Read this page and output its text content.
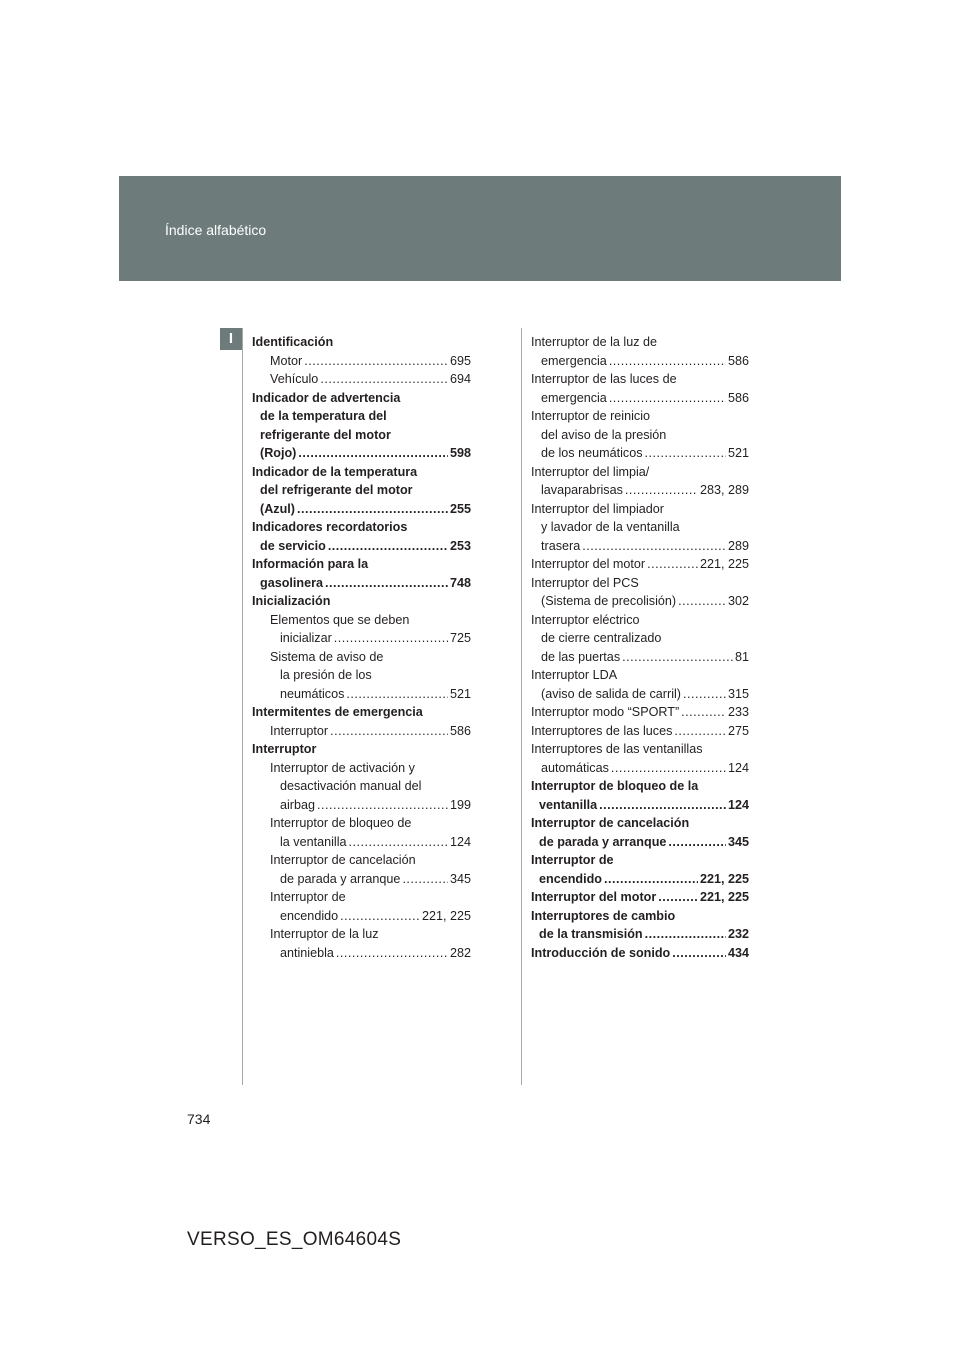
Índice alfabético
I	Identificación
Motor .....	695
Vehículo .....	694
Indicador de advertencia
de la temperatura del
refrigerante del motor
(Rojo) .....	598
Indicador de la temperatura
del refrigerante del motor
(Azul) .....	255
Indicadores recordatorios
de servicio .....	253
Información para la
gasolinera .....	748
Inicialización
Elementos que se deben
inicializar .....	725
Sistema de aviso de
la presión de los
neumáticos .....	521
Intermitentes de emergencia
Interruptor .....	586
Interruptor
Interruptor de activación y
desactivación manual del
airbag .....	199
Interruptor de bloqueo de
la ventanilla .....	124
Interruptor de cancelación
de parada y arranque .....	345
Interruptor de
encendido .....	221, 225
Interruptor de la luz
antiniebla .....	282
Interruptor de la luz de
emergencia .....	586
Interruptor de las luces de
emergencia .....	586
Interruptor de reinicio
del aviso de la presión
de los neumáticos .....	521
Interruptor del limpia/
lavaparabrisas .....	283, 289
Interruptor del limpiador
y lavador de la ventanilla
trasera .....	289
Interruptor del motor .....	221, 225
Interruptor del PCS
(Sistema de precolisión) .....	302
Interruptor eléctrico
de cierre centralizado
de las puertas .....	81
Interruptor LDA
(aviso de salida de carril) .....	315
Interruptor modo “SPORT” .....	233
Interruptores de las luces .....	275
Interruptores de las ventanillas
automáticas .....	124
Interruptor de bloqueo de la
ventanilla .....	124
Interruptor de cancelación
de parada y arranque .....	345
Interruptor de
encendido .....	221, 225
Interruptor del motor .....	221, 225
Interruptores de cambio
de la transmisión .....	232
Introducción de sonido .....	434
734
VERSO_ES_OM64604S
